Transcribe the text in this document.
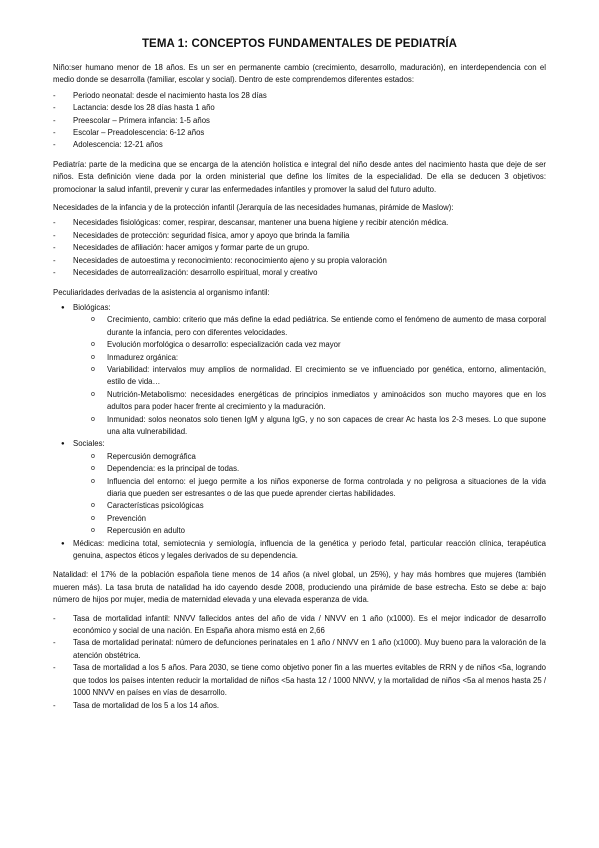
TEMA 1: CONCEPTOS FUNDAMENTALES DE PEDIATRÍA
Niño:ser humano menor de 18 años. Es un ser en permanente cambio (crecimiento, desarrollo, maduración), en interdependencia con el medio donde se desarrolla (familiar, escolar y social). Dentro de este comprendemos diferentes estados:
- Periodo neonatal: desde el nacimiento hasta los 28 días
- Lactancia: desde los 28 días hasta 1 año
- Preescolar – Primera infancia: 1-5 años
- Escolar – Preadolescencia: 6-12 años
- Adolescencia: 12-21 años
Pediatría: parte de la medicina que se encarga de la atención holística e integral del niño desde antes del nacimiento hasta que deje de ser niños. Esta definición viene dada por la orden ministerial que define los límites de la especialidad. De ella se deducen 3 objetivos: promocionar la salud infantil, prevenir y curar las enfermedades infantiles y promover la salud del futuro adulto.
Necesidades de la infancia y de la protección infantil (Jerarquía de las necesidades humanas, pirámide de Maslow):
- Necesidades fisiológicas: comer, respirar, descansar, mantener una buena higiene y recibir atención médica.
- Necesidades de protección: seguridad física, amor y apoyo que brinda la familia
- Necesidades de afiliación: hacer amigos y formar parte de un grupo.
- Necesidades de autoestima y reconocimiento: reconocimiento ajeno y su propia valoración
- Necesidades de autorrealización: desarrollo espiritual, moral y creativo
Peculiaridades derivadas de la asistencia al organismo infantil:
● Biológicas:
o Crecimiento, cambio: criterio que más define la edad pediátrica. Se entiende como el fenómeno de aumento de masa corporal durante la infancia, pero con diferentes velocidades.
o Evolución morfológica o desarrollo: especialización cada vez mayor
o Inmadurez orgánica:
o Variabilidad: intervalos muy amplios de normalidad. El crecimiento se ve influenciado por genética, entorno, alimentación, estilo de vida…
o Nutrición-Metabolismo: necesidades energéticas de principios inmediatos y aminoácidos son mucho mayores que en los adultos para poder hacer frente al crecimiento y la maduración.
o Inmunidad: solos neonatos solo tienen IgM y alguna IgG, y no son capaces de crear Ac hasta los 2-3 meses. Lo que supone una alta vulnerabilidad.
● Sociales:
o Repercusión demográfica
o Dependencia: es la principal de todas.
o Influencia del entorno: el juego permite a los niños exponerse de forma controlada y no peligrosa a situaciones de la vida diaria que pueden ser estresantes o de las que puede aprender ciertas habilidades.
o Características psicológicas
o Prevención
o Repercusión en adulto
● Médicas: medicina total, semiotecnia y semiología, influencia de la genética y periodo fetal, particular reacción clínica, terapéutica genuina, aspectos éticos y legales derivados de su dependencia.
Natalidad: el 17% de la población española tiene menos de 14 años (a nivel global, un 25%), y hay más hombres que mujeres (también mueren más). La tasa bruta de natalidad ha ido cayendo desde 2008, produciendo una pirámide de base estrecha. Esto se debe a: bajo número de hijos por mujer, media de maternidad elevada y una elevada esperanza de vida.
- Tasa de mortalidad infantil: NNVV fallecidos antes del año de vida / NNVV en 1 año (x1000). Es el mejor indicador de desarrollo económico y social de una nación. En España ahora mismo está en 2,66
- Tasa de mortalidad perinatal: número de defunciones perinatales en 1 año / NNVV en 1 año (x1000). Muy bueno para la valoración de la atención obstétrica.
- Tasa de mortalidad a los 5 años. Para 2030, se tiene como objetivo poner fin a las muertes evitables de RRN y de niños <5a, logrando que todos los países intenten reducir la mortalidad de niños <5a hasta 12 / 1000 NNVV, y la mortalidad de niños <5a al menos hasta 25 / 1000 NNVV en países en vías de desarrollo.
- Tasa de mortalidad de los 5 a los 14 años.
